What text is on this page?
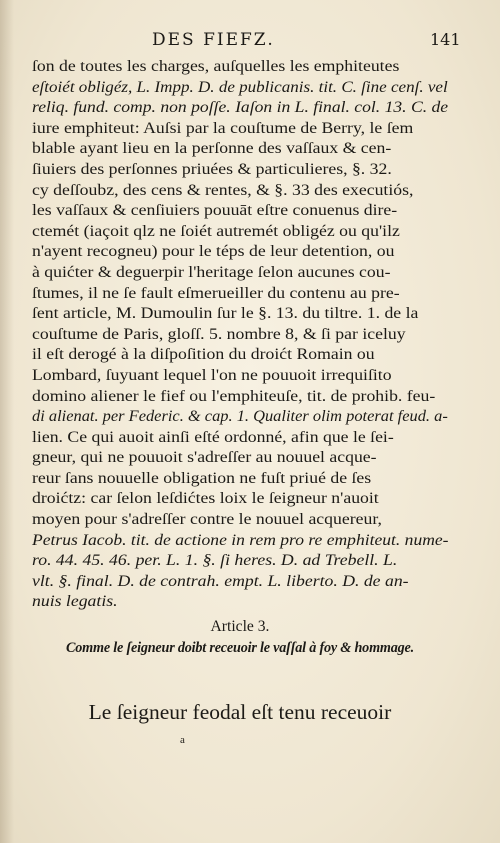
DES FIEFZ.	141
ſon de toutes les charges, auſquelles les emphiteutes
eſtoiét obligéz, L. Impp. D. de publicanis. tit. C. ſine cenſ. vel
reliq. fund. comp. non poſſe. Iaſon in L. final. col. 13. C. de
iure emphiteut: Auſsi par la couſtume de Berry, le ſem
blable ayant lieu en la perſonne des vaſſaux & cen-
ſiuiers des perſonnes priuées & particulieres, §. 32.
cy deſſoubz, des cens & rentes, & §. 33 des executiós,
les vaſſaux & cenſiuiers pouuāt eſtre conuenus dire-
ctemét (iaçoit qlz ne ſoiét autremét obligéz ou qu'ilz
n'ayent recogneu) pour le téps de leur detention, ou
à quićter & deguerpir l'heritage ſelon aucunes cou-
ſtumes, il ne ſe fault eſmerueiller du contenu au pre-
ſent article, M. Dumoulin ſur le §. 13. du tiltre. 1. de la
couſtume de Paris, gloſſ. 5. nombre 8, & ſi par iceluy
il eſt derogé à la diſpoſition du droićt Romain ou
Lombard, ſuyuant lequel l'on ne pouuoit irrequiſito
domino aliener le fief ou l'emphiteuſe, tit. de prohib. feu-
di alienat. per Federic. & cap. 1. Qualiter olim poterat feud. a-
lien. Ce qui auoit ainſi eſté ordonné, afin que le ſei-
gneur, qui ne pouuoit s'adreſſer au nouuel acque-
reur ſans nouuelle obligation ne fuſt priué de ſes
droićtz: car ſelon leſdićtes loix le ſeigneur n'auoit
moyen pour s'adreſſer contre le nouuel acquereur,
Petrus Iacob. tit. de actione in rem pro re emphiteut. nume-
ro. 44. 45. 46. per. L. 1. §. ſi heres. D. ad Trebell. L.
vlt. §. final. D. de contrah. empt. L. liberto. D. de an-
nuis legatis.
Article 3.
Comme le ſeigneur doibt receuoir le vaſſal à foy & hommage.
Le ſeigneur feodal eſt tenu receuoir
a
